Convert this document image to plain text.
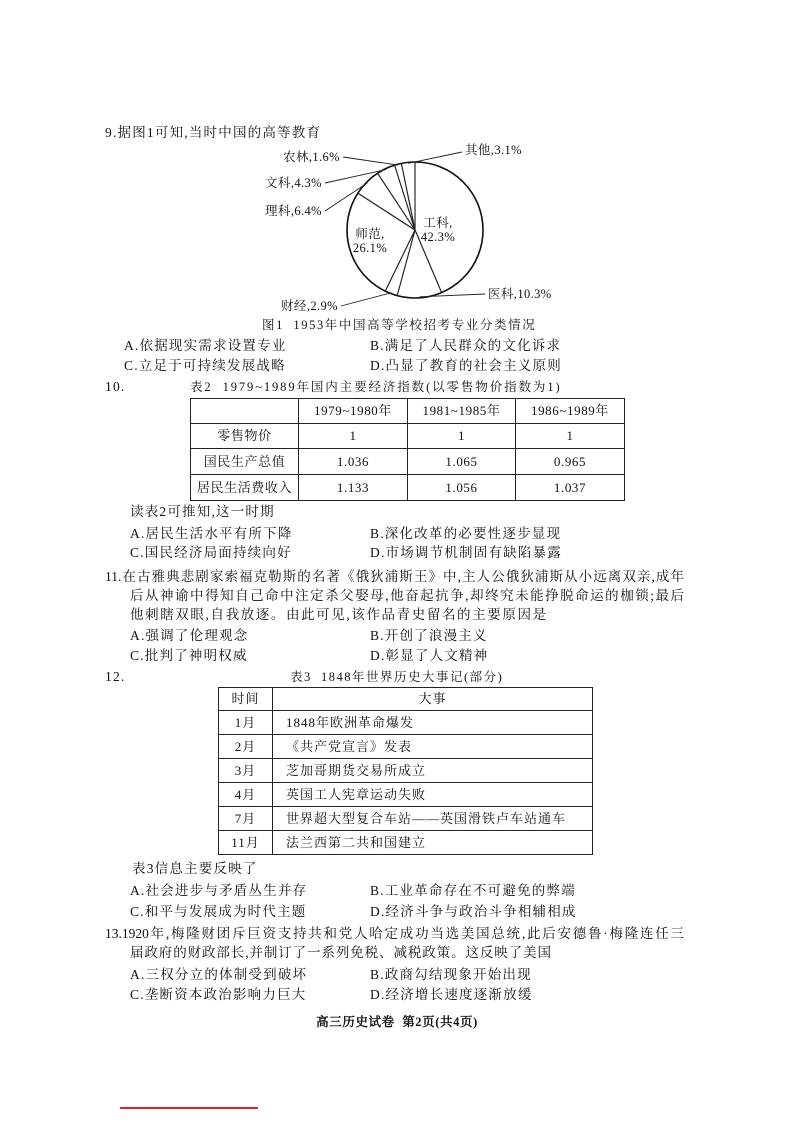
9.据图1可知,当时中国的高等教育
工科,
42.3%
医科,10.3%
财经,2.9%
师范,
26.1%
理科,6.4%
文科,4.3%
农林,1.6%	其他,3.1%
图1  1953年中国高等学校招考专业分类情况
A.依据现实需求设置专业	B.满足了人民群众的文化诉求
C.立足于可持续发展战略	D.凸显了教育的社会主义原则
10.	表2  1979~1989年国内主要经济指数(以零售物价指数为1)
	1979~1980年	1981~1985年	1986~1989年
零售物价	1	1	1
国民生产总值	1.036	1.065	0.965
居民生活费收入	1.133	1.056	1.037
读表2可推知,这一时期
A.居民生活水平有所下降	B.深化改革的必要性逐步显现
C.国民经济局面持续向好	D.市场调节机制固有缺陷暴露
11.在古雅典悲剧家索福克勒斯的名著《俄狄浦斯王》中,主人公俄狄浦斯从小远离双亲,成年
后从神谕中得知自己命中注定杀父娶母,他奋起抗争,却终究未能挣脱命运的枷锁;最后
他刺瞎双眼,自我放逐。由此可见,该作品青史留名的主要原因是
A.强调了伦理观念	B.开创了浪漫主义
C.批判了神明权威	D.彰显了人文精神
12.	表3  1848年世界历史大事记(部分)
时间	大事
1月	1848年欧洲革命爆发
2月	《共产党宣言》发表
3月	芝加哥期货交易所成立
4月	英国工人宪章运动失败
7月	世界超大型复合车站——英国滑铁卢车站通车
11月	法兰西第二共和国建立
表3信息主要反映了
A.社会进步与矛盾丛生并存	B.工业革命存在不可避免的弊端
C.和平与发展成为时代主题	D.经济斗争与政治斗争相辅相成
13.1920年,梅隆财团斥巨资支持共和党人哈定成功当选美国总统,此后安德鲁·梅隆连任三
届政府的财政部长,并制订了一系列免税、减税政策。这反映了美国
A.三权分立的体制受到破坏	B.政商勾结现象开始出现
C.垄断资本政治影响力巨大	D.经济增长速度逐渐放缓
高三历史试卷  第2页(共4页)
